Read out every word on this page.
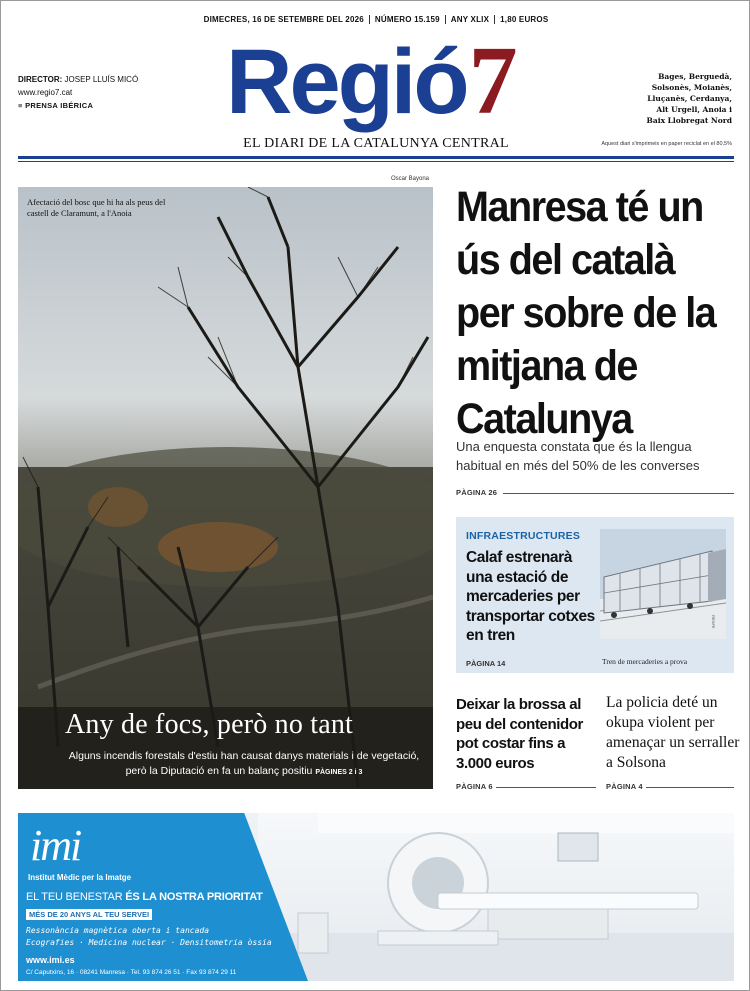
DIMECRES, 16 DE SETEMBRE DEL 2026 NÚMERO 15.159 ANY XLIX 1,80 EUROS
DIRECTOR: JOSEP LLUÍS MICÓ
www.regio7.cat
≡ PRENSA IBÉRICA	Regió7	Bages, Berguedà,
Solsonès, Moianès,
Lluçanès, Cerdanya,
Alt Urgell, Anoia i
Baix Llobregat Nord
EL DIARI DE LA CATALUNYA CENTRAL	Aquest diari s'imprimeix en paper reciclat en el 80,5%
Oscar Bayona
Afectació del bosc que hi ha als peus del castell de Claramunt, a l'Anoia
Any de focs, però no tant
Alguns incendis forestals d'estiu han causat danys materials i de vegetació, però la Diputació en fa un balanç positiu PÀGINES 2 i 3
Manresa té un ús del català per sobre de la mitjana de Catalunya
Una enquesta constata que és la llengua habitual en més del 50% de les converses
PÀGINA 26
INFRAESTRUCTURES
Calaf estrenarà una estació de mercaderies per transportar cotxes en tren
RENFE
Tren de mercaderies a prova
PÀGINA 14
Deixar la brossa al peu del contenidor pot costar fins a 3.000 euros
PÀGINA 6
La policia deté un okupa violent per amenaçar un serraller a Solsona
PÀGINA 4
imi
Institut Mèdic per la Imatge
EL TEU BENESTAR ÉS LA NOSTRA PRIORITAT
MÉS DE 20 ANYS AL TEU SERVEI
Ressonància magnètica oberta i tancada
Ecografies · Medicina nuclear · Densitometria òssia
www.imi.es
C/ Caputxins, 16 · 08241 Manresa · Tel. 93 874 26 51 · Fax 93 874 29 11
